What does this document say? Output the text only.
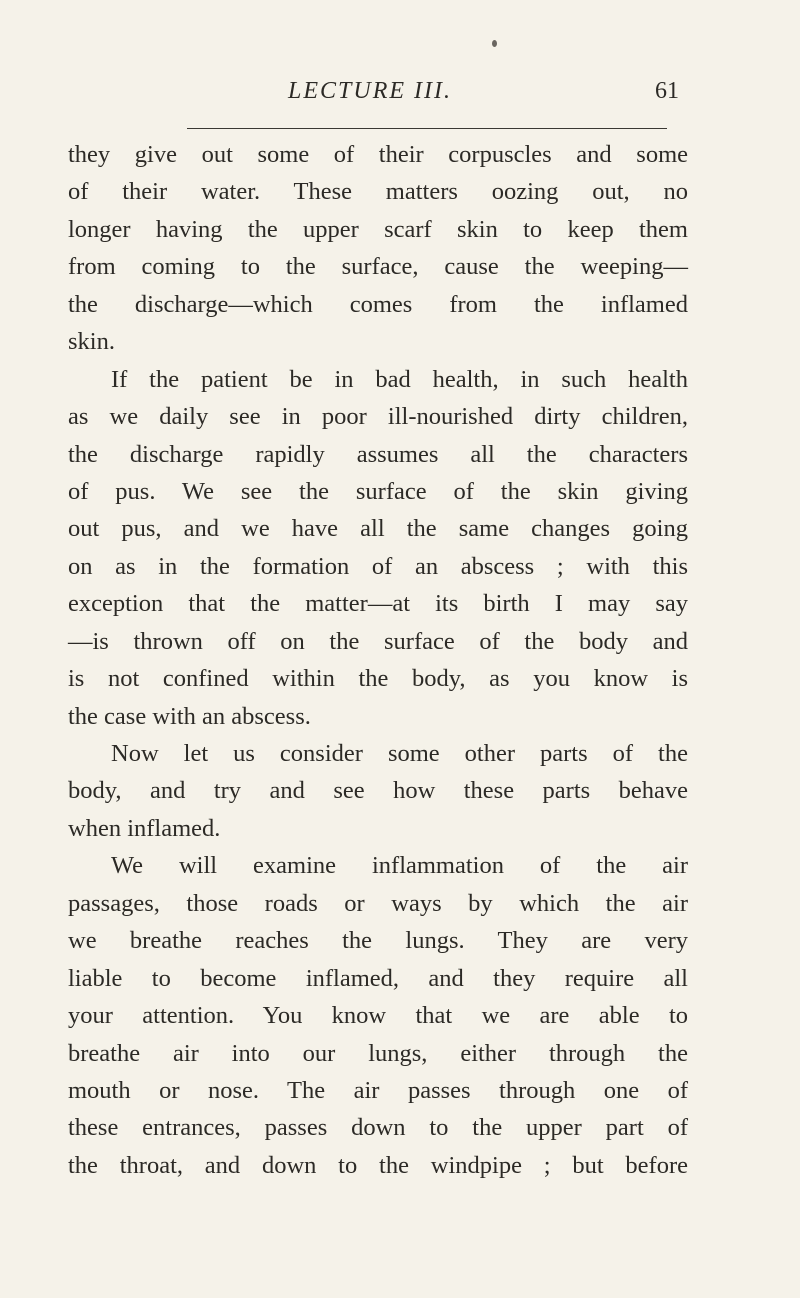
LECTURE III.	61
they give out some of their corpuscles and some
of their water. These matters oozing out, no
longer having the upper scarf skin to keep them
from coming to the surface, cause the weeping—
the discharge—which comes from the inflamed
skin.
If the patient be in bad health, in such health
as we daily see in poor ill-nourished dirty children,
the discharge rapidly assumes all the characters
of pus. We see the surface of the skin giving
out pus, and we have all the same changes going
on as in the formation of an abscess ; with this
exception that the matter—at its birth I may say
—is thrown off on the surface of the body and
is not confined within the body, as you know is
the case with an abscess.
Now let us consider some other parts of the
body, and try and see how these parts behave
when inflamed.
We will examine inflammation of the air
passages, those roads or ways by which the air
we breathe reaches the lungs. They are very
liable to become inflamed, and they require all
your attention. You know that we are able to
breathe air into our lungs, either through the
mouth or nose. The air passes through one of
these entrances, passes down to the upper part of
the throat, and down to the windpipe ; but before
